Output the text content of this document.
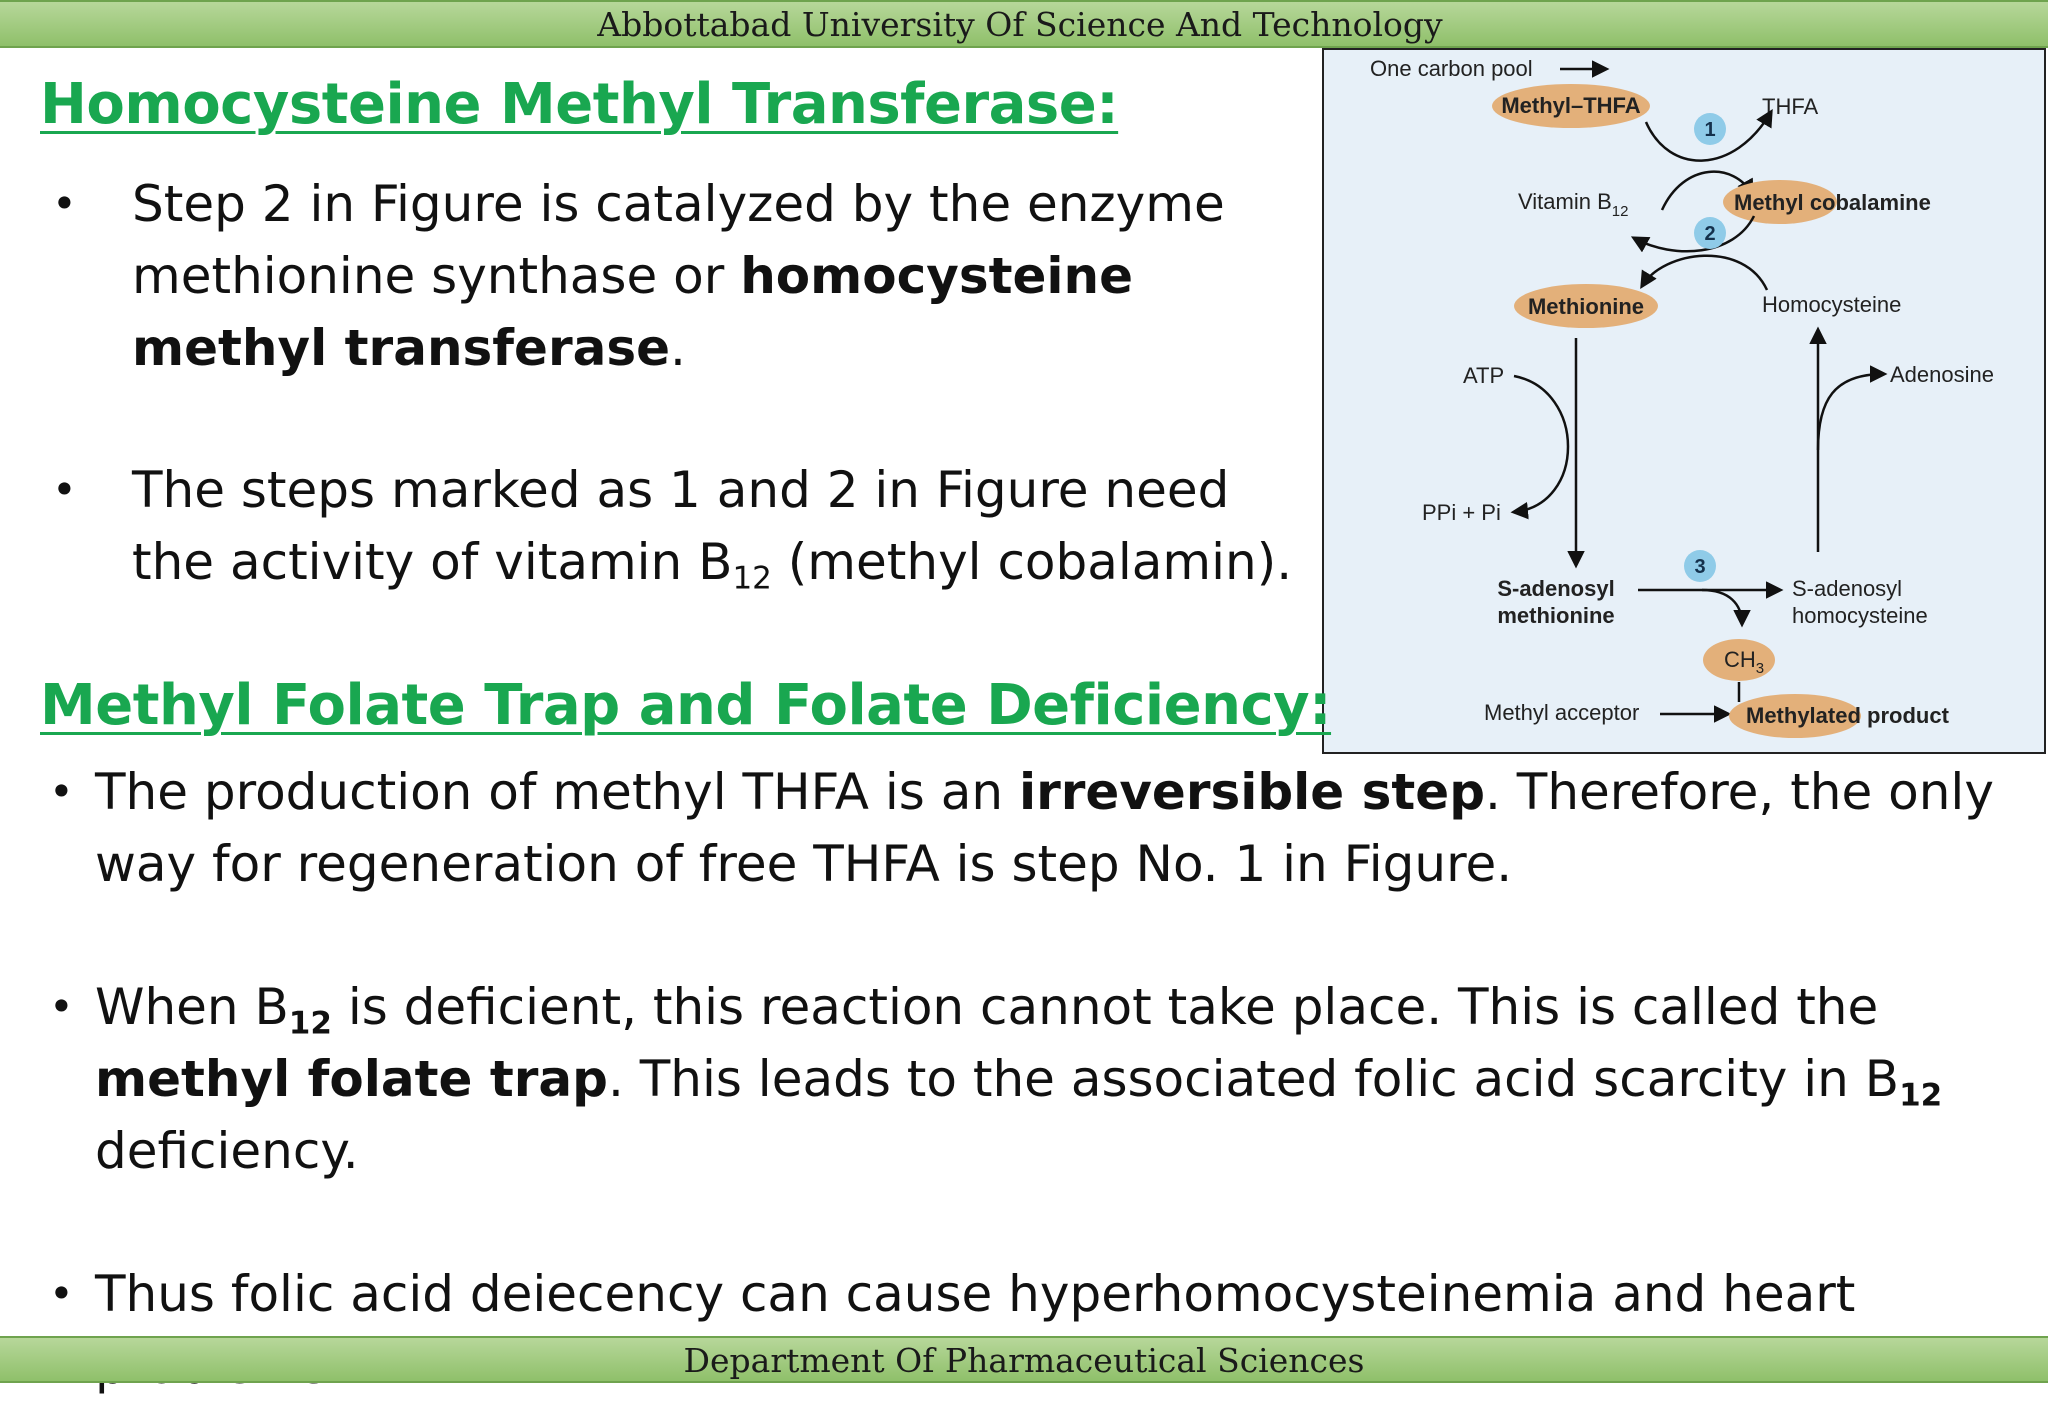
Abbottabad University Of Science And Technology
Homocysteine Methyl Transferase:
• Step 2 in Figure is catalyzed by the enzyme methionine synthase or homocysteine methyl transferase.
• The steps marked as 1 and 2 in Figure need the activity of vitamin $B_{12}$ (methyl cobalamin).
One carbon pool
Methyl–THFA	THFA
1
Vitamin $B_{12}$	Methyl cobalamine
2
Methionine	Homocysteine
ATP
PPi + Pi
Adenosine
S-adenosyl
methionine
3
S-adenosyl
homocysteine
$CH_3$
Methyl acceptor	Methylated product
Methyl Folate Trap and Folate Deficiency:
• The production of methyl THFA is an irreversible step. Therefore, the only way for regeneration of free THFA is step No. 1 in Figure.
• When $B_{12}$ is deficient, this reaction cannot take place. This is called the methyl folate trap. This leads to the associated folic acid scarcity in $B_{12}$ deficiency.
• Thus folic acid deiecency can cause hyperhomocysteinemia and heart
Department Of Pharmaceutical Sciences
